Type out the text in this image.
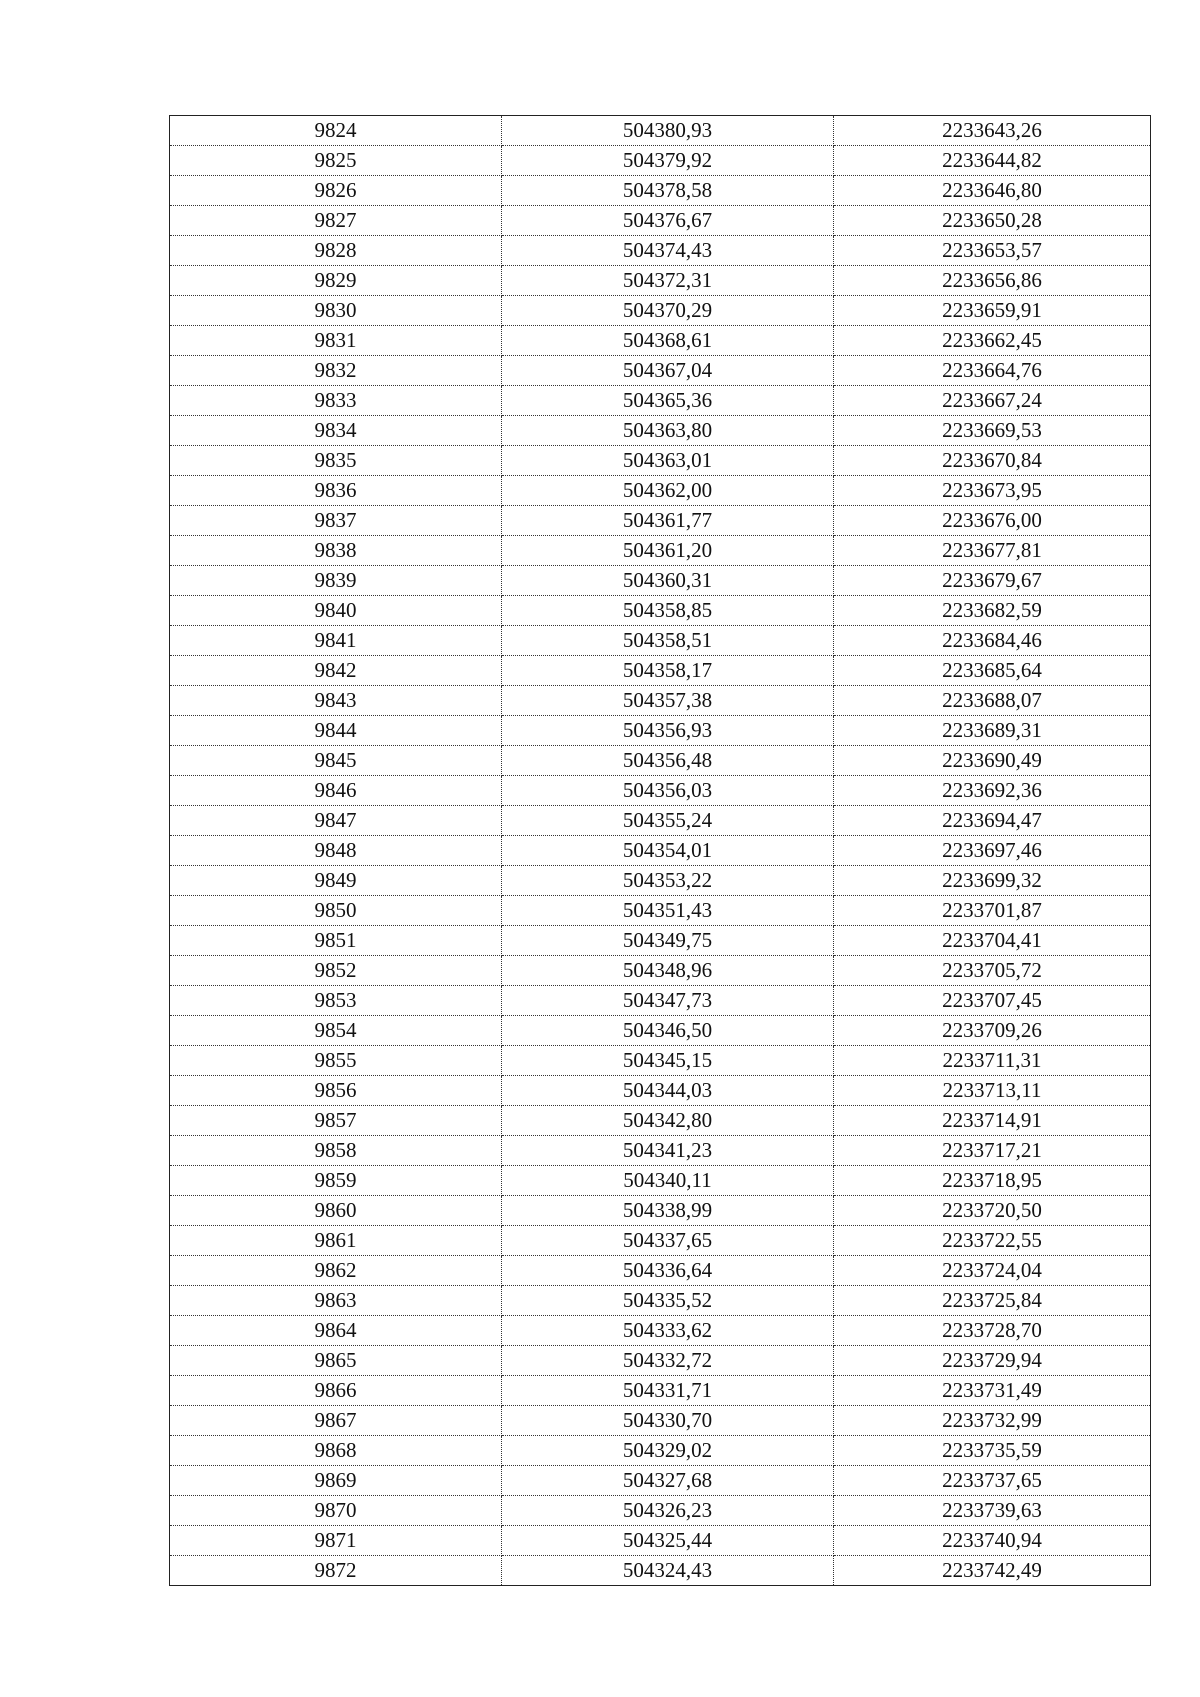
9824	504380,93	2233643,26
9825	504379,92	2233644,82
9826	504378,58	2233646,80
9827	504376,67	2233650,28
9828	504374,43	2233653,57
9829	504372,31	2233656,86
9830	504370,29	2233659,91
9831	504368,61	2233662,45
9832	504367,04	2233664,76
9833	504365,36	2233667,24
9834	504363,80	2233669,53
9835	504363,01	2233670,84
9836	504362,00	2233673,95
9837	504361,77	2233676,00
9838	504361,20	2233677,81
9839	504360,31	2233679,67
9840	504358,85	2233682,59
9841	504358,51	2233684,46
9842	504358,17	2233685,64
9843	504357,38	2233688,07
9844	504356,93	2233689,31
9845	504356,48	2233690,49
9846	504356,03	2233692,36
9847	504355,24	2233694,47
9848	504354,01	2233697,46
9849	504353,22	2233699,32
9850	504351,43	2233701,87
9851	504349,75	2233704,41
9852	504348,96	2233705,72
9853	504347,73	2233707,45
9854	504346,50	2233709,26
9855	504345,15	2233711,31
9856	504344,03	2233713,11
9857	504342,80	2233714,91
9858	504341,23	2233717,21
9859	504340,11	2233718,95
9860	504338,99	2233720,50
9861	504337,65	2233722,55
9862	504336,64	2233724,04
9863	504335,52	2233725,84
9864	504333,62	2233728,70
9865	504332,72	2233729,94
9866	504331,71	2233731,49
9867	504330,70	2233732,99
9868	504329,02	2233735,59
9869	504327,68	2233737,65
9870	504326,23	2233739,63
9871	504325,44	2233740,94
9872	504324,43	2233742,49
